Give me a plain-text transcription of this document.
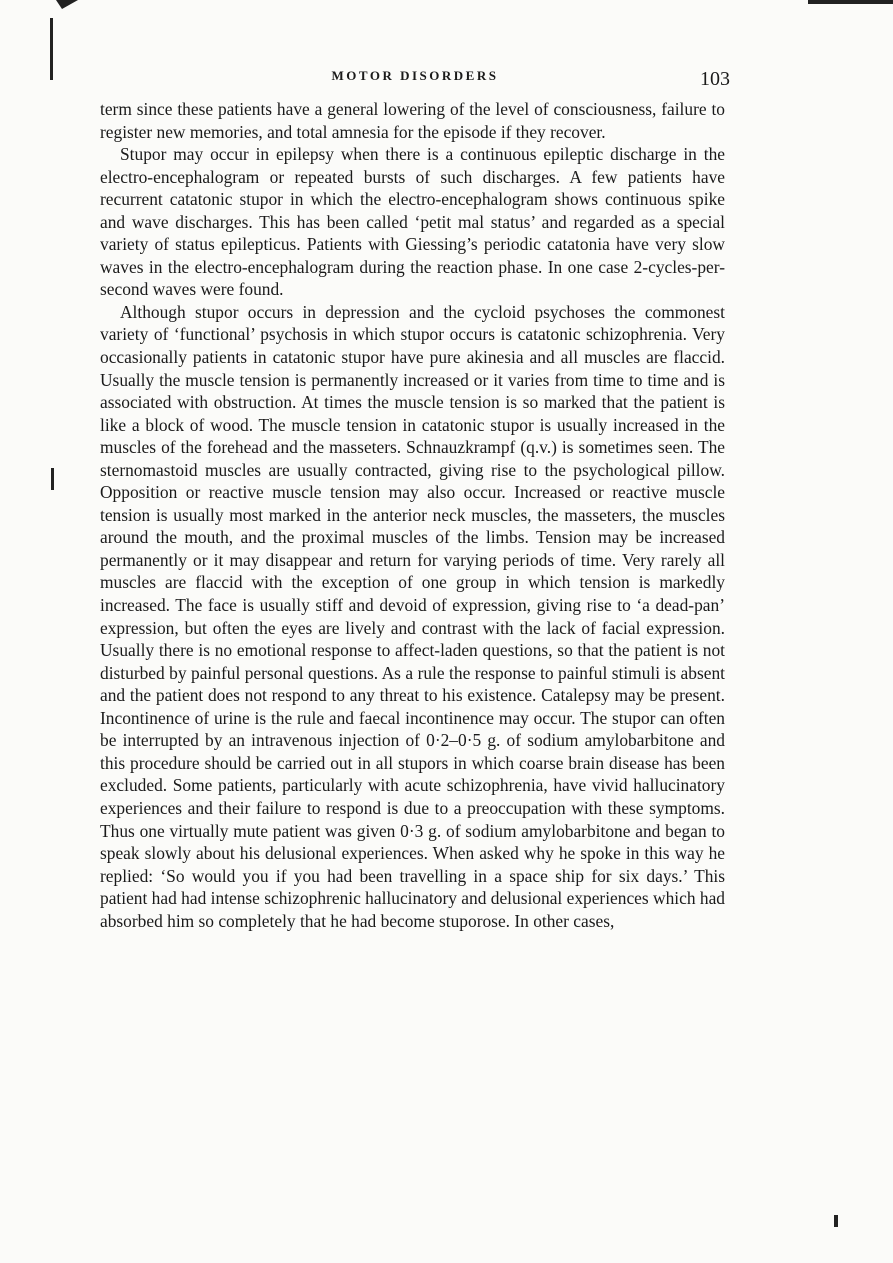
MOTOR DISORDERS	103

term since these patients have a general lowering of the level of consciousness, failure to register new memories, and total amnesia for the episode if they recover.

Stupor may occur in epilepsy when there is a continuous epileptic discharge in the electro-encephalogram or repeated bursts of such discharges. A few patients have recurrent catatonic stupor in which the electro-encephalogram shows continuous spike and wave discharges. This has been called ‘petit mal status’ and regarded as a special variety of status epilepticus. Patients with Giessing’s periodic catatonia have very slow waves in the electro-encephalogram during the reaction phase. In one case 2-cycles-per-second waves were found.

Although stupor occurs in depression and the cycloid psychoses the commonest variety of ‘functional’ psychosis in which stupor occurs is catatonic schizophrenia. Very occasionally patients in catatonic stupor have pure akinesia and all muscles are flaccid. Usually the muscle tension is permanently increased or it varies from time to time and is associated with obstruction. At times the muscle tension is so marked that the patient is like a block of wood. The muscle tension in catatonic stupor is usually increased in the muscles of the forehead and the masseters. Schnauzkrampf (q.v.) is sometimes seen. The sternomastoid muscles are usually contracted, giving rise to the psychological pillow. Opposition or reactive muscle tension may also occur. Increased or reactive muscle tension is usually most marked in the anterior neck muscles, the masseters, the muscles around the mouth, and the proximal muscles of the limbs. Tension may be increased permanently or it may disappear and return for varying periods of time. Very rarely all muscles are flaccid with the exception of one group in which tension is markedly increased. The face is usually stiff and devoid of expression, giving rise to ‘a dead-pan’ expression, but often the eyes are lively and contrast with the lack of facial expression. Usually there is no emotional response to affect-laden questions, so that the patient is not disturbed by painful personal questions. As a rule the response to painful stimuli is absent and the patient does not respond to any threat to his existence. Catalepsy may be present. Incontinence of urine is the rule and faecal incontinence may occur. The stupor can often be interrupted by an intravenous injection of 0·2–0·5 g. of sodium amylobarbitone and this procedure should be carried out in all stupors in which coarse brain disease has been excluded. Some patients, particularly with acute schizophrenia, have vivid hallucinatory experiences and their failure to respond is due to a preoccupation with these symptoms. Thus one virtually mute patient was given 0·3 g. of sodium amylobarbitone and began to speak slowly about his delusional experiences. When asked why he spoke in this way he replied: ‘So would you if you had been travelling in a space ship for six days.’ This patient had had intense schizophrenic hallucinatory and delusional experiences which had absorbed him so completely that he had become stuporose. In other cases,
